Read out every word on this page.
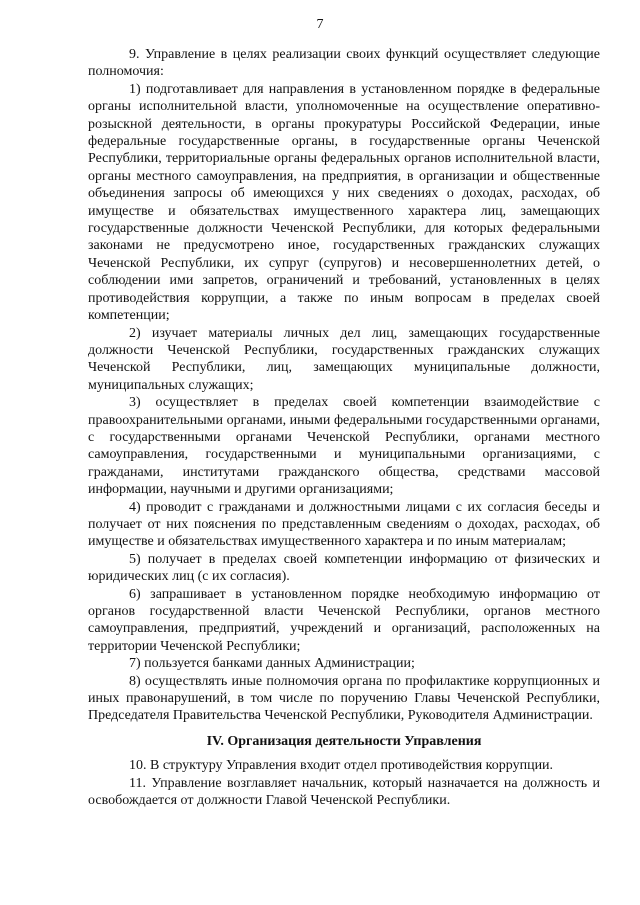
7

9. Управление в целях реализации своих функций осуществляет следующие полномочия:

1) подготавливает для направления в установленном порядке в федеральные органы исполнительной власти, уполномоченные на осуществление оперативно-розыскной деятельности, в органы прокуратуры Российской Федерации, иные федеральные государственные органы, в государственные органы Чеченской Республики, территориальные органы федеральных органов исполнительной власти, органы местного самоуправления, на предприятия, в организации и общественные объединения запросы об имеющихся у них сведениях о доходах, расходах, об имуществе и обязательствах имущественного характера лиц, замещающих государственные должности Чеченской Республики, для которых федеральными законами не предусмотрено иное, государственных гражданских служащих Чеченской Республики, их супруг (супругов) и несовершеннолетних детей, о соблюдении ими запретов, ограничений и требований, установленных в целях противодействия коррупции, а также по иным вопросам в пределах своей компетенции;

2) изучает материалы личных дел лиц, замещающих государственные должности Чеченской Республики, государственных гражданских служащих Чеченской Республики, лиц, замещающих муниципальные должности, муниципальных служащих;

3) осуществляет в пределах своей компетенции взаимодействие с правоохранительными органами, иными федеральными государственными органами, с государственными органами Чеченской Республики, органами местного самоуправления, государственными и муниципальными организациями, с гражданами, институтами гражданского общества, средствами массовой информации, научными и другими организациями;

4) проводит с гражданами и должностными лицами с их согласия беседы и получает от них пояснения по представленным сведениям о доходах, расходах, об имуществе и обязательствах имущественного характера и по иным материалам;

5) получает в пределах своей компетенции информацию от физических и юридических лиц (с их согласия).

6) запрашивает в установленном порядке необходимую информацию от органов государственной власти Чеченской Республики, органов местного самоуправления, предприятий, учреждений и организаций, расположенных на территории Чеченской Республики;

7) пользуется банками данных Администрации;

8) осуществлять иные полномочия органа по профилактике коррупционных и иных правонарушений, в том числе по поручению Главы Чеченской Республики, Председателя Правительства Чеченской Республики, Руководителя Администрации.

IV. Организация деятельности Управления

10. В структуру Управления входит отдел противодействия коррупции.

11. Управление возглавляет начальник, который назначается на должность и освобождается от должности Главой Чеченской Республики.
